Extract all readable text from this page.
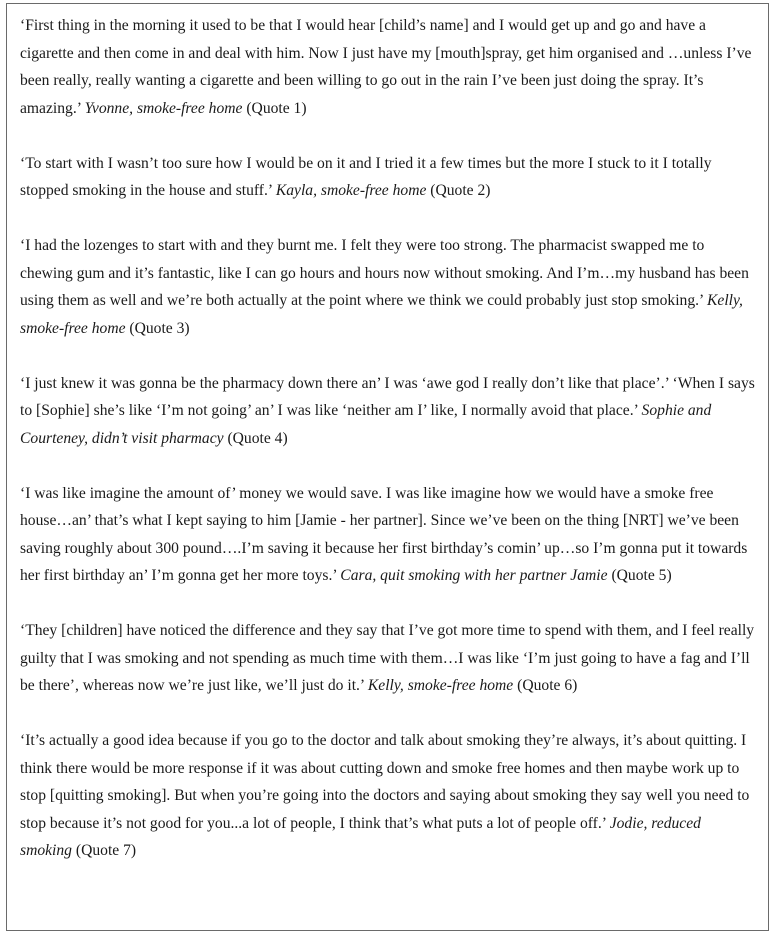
‘First thing in the morning it used to be that I would hear [child’s name] and I would get up and go and have a cigarette and then come in and deal with him. Now I just have my [mouth]spray, get him organised and …unless I’ve been really, really wanting a cigarette and been willing to go out in the rain I’ve been just doing the spray. It’s amazing.’ Yvonne, smoke-free home (Quote 1)

‘To start with I wasn’t too sure how I would be on it and I tried it a few times but the more I stuck to it I totally stopped smoking in the house and stuff.’ Kayla, smoke-free home (Quote 2)

‘I had the lozenges to start with and they burnt me. I felt they were too strong. The pharmacist swapped me to chewing gum and it’s fantastic, like I can go hours and hours now without smoking. And I’m…my husband has been using them as well and we’re both actually at the point where we think we could probably just stop smoking.’ Kelly, smoke-free home (Quote 3)

‘I just knew it was gonna be the pharmacy down there an’ I was ‘awe god I really don’t like that place’.’ ‘When I says to [Sophie] she’s like ‘I’m not going’ an’ I was like ‘neither am I’ like, I normally avoid that place.’ Sophie and Courteney, didn’t visit pharmacy (Quote 4)

‘I was like imagine the amount of’ money we would save. I was like imagine how we would have a smoke free house…an’ that’s what I kept saying to him [Jamie - her partner]. Since we’ve been on the thing [NRT] we’ve been saving roughly about 300 pound….I’m saving it because her first birthday’s comin’ up…so I’m gonna put it towards her first birthday an’ I’m gonna get her more toys.’ Cara, quit smoking with her partner Jamie (Quote 5)

‘They [children] have noticed the difference and they say that I’ve got more time to spend with them, and I feel really guilty that I was smoking and not spending as much time with them…I was like ‘I’m just going to have a fag and I’ll be there’, whereas now we’re just like, we’ll just do it.’ Kelly, smoke-free home (Quote 6)

‘It’s actually a good idea because if you go to the doctor and talk about smoking they’re always, it’s about quitting. I think there would be more response if it was about cutting down and smoke free homes and then maybe work up to stop [quitting smoking]. But when you’re going into the doctors and saying about smoking they say well you need to stop because it’s not good for you...a lot of people, I think that’s what puts a lot of people off.’ Jodie, reduced smoking (Quote 7)
